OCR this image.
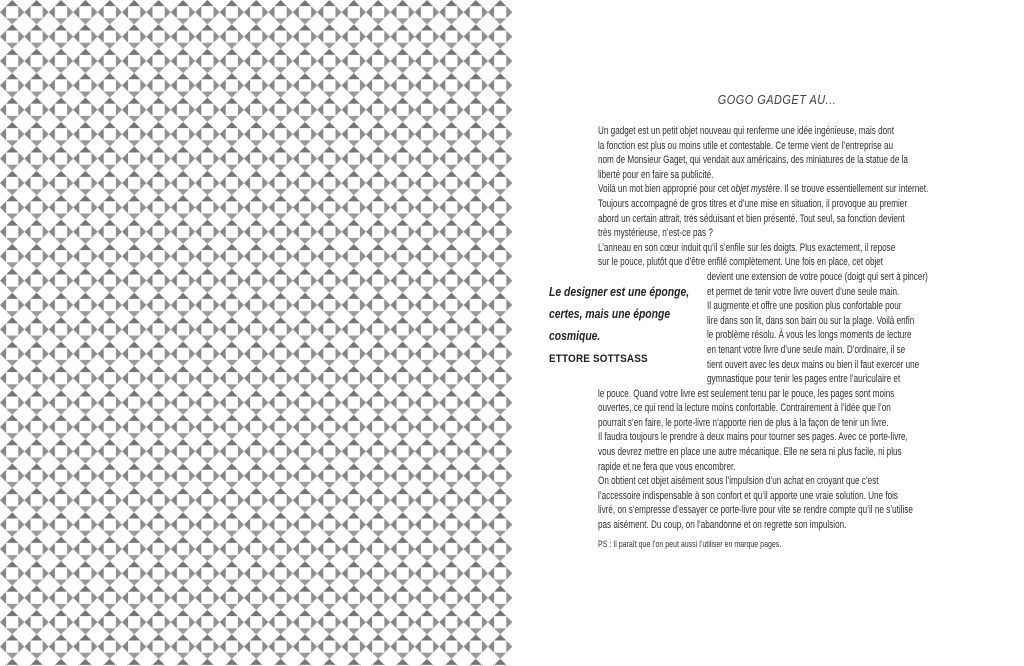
GOGO GADGET AU...
Le designer est une éponge,
certes, mais une éponge
cosmique.
ETTORE SOTTSASS
Un gadget est un petit objet nouveau qui renferme une idée ingénieuse, mais dont
la fonction est plus ou moins utile et contestable. Ce terme vient de l’entreprise au
nom de Monsieur Gaget, qui vendait aux américains, des miniatures de la statue de la
liberté pour en faire sa publicité.
Voilà un mot bien approprié pour cet objet mystère. Il se trouve essentiellement sur internet.
Toujours accompagné de gros titres et d’une mise en situation, il provoque au premier
abord un certain attrait, très séduisant et bien présenté. Tout seul, sa fonction devient
très mystérieuse, n’est-ce pas ?
L’anneau en son cœur induit qu’il s’enfile sur les doigts. Plus exactement, il repose
sur le pouce, plutôt que d’être enfilé complètement. Une fois en place, cet objet
devient une extension de votre pouce (doigt qui sert à pincer)
et permet de tenir votre livre ouvert d’une seule main.
Il augmente et offre une position plus confortable pour
lire dans son lit, dans son bain ou sur la plage. Voilà enfin
le problème résolu. À vous les longs moments de lecture
en tenant votre livre d’une seule main. D’ordinaire, il se
tient ouvert avec les deux mains ou bien il faut exercer une
gymnastique pour tenir les pages entre l’auriculaire et
le pouce. Quand votre livre est seulement tenu par le pouce, les pages sont moins
ouvertes, ce qui rend la lecture moins confortable. Contrairement à l’idée que l’on
pourrait s’en faire, le porte-livre n’apporte rien de plus à la façon de tenir un livre.
Il faudra toujours le prendre à deux mains pour tourner ses pages. Avec ce porte-livre,
vous devrez mettre en place une autre mécanique. Elle ne sera ni plus facile, ni plus
rapide et ne fera que vous encombrer.
On obtient cet objet aisément sous l’impulsion d’un achat en croyant que c’est
l’accessoire indispensable à son confort et qu’il apporte une vraie solution. Une fois
livré, on s’empresse d’essayer ce porte-livre pour vite se rendre compte qu’il ne s’utilise
pas aisément. Du coup, on l’abandonne et on regrette son impulsion.
PS : Il paraît que l’on peut aussi l’utiliser en marque pages.
